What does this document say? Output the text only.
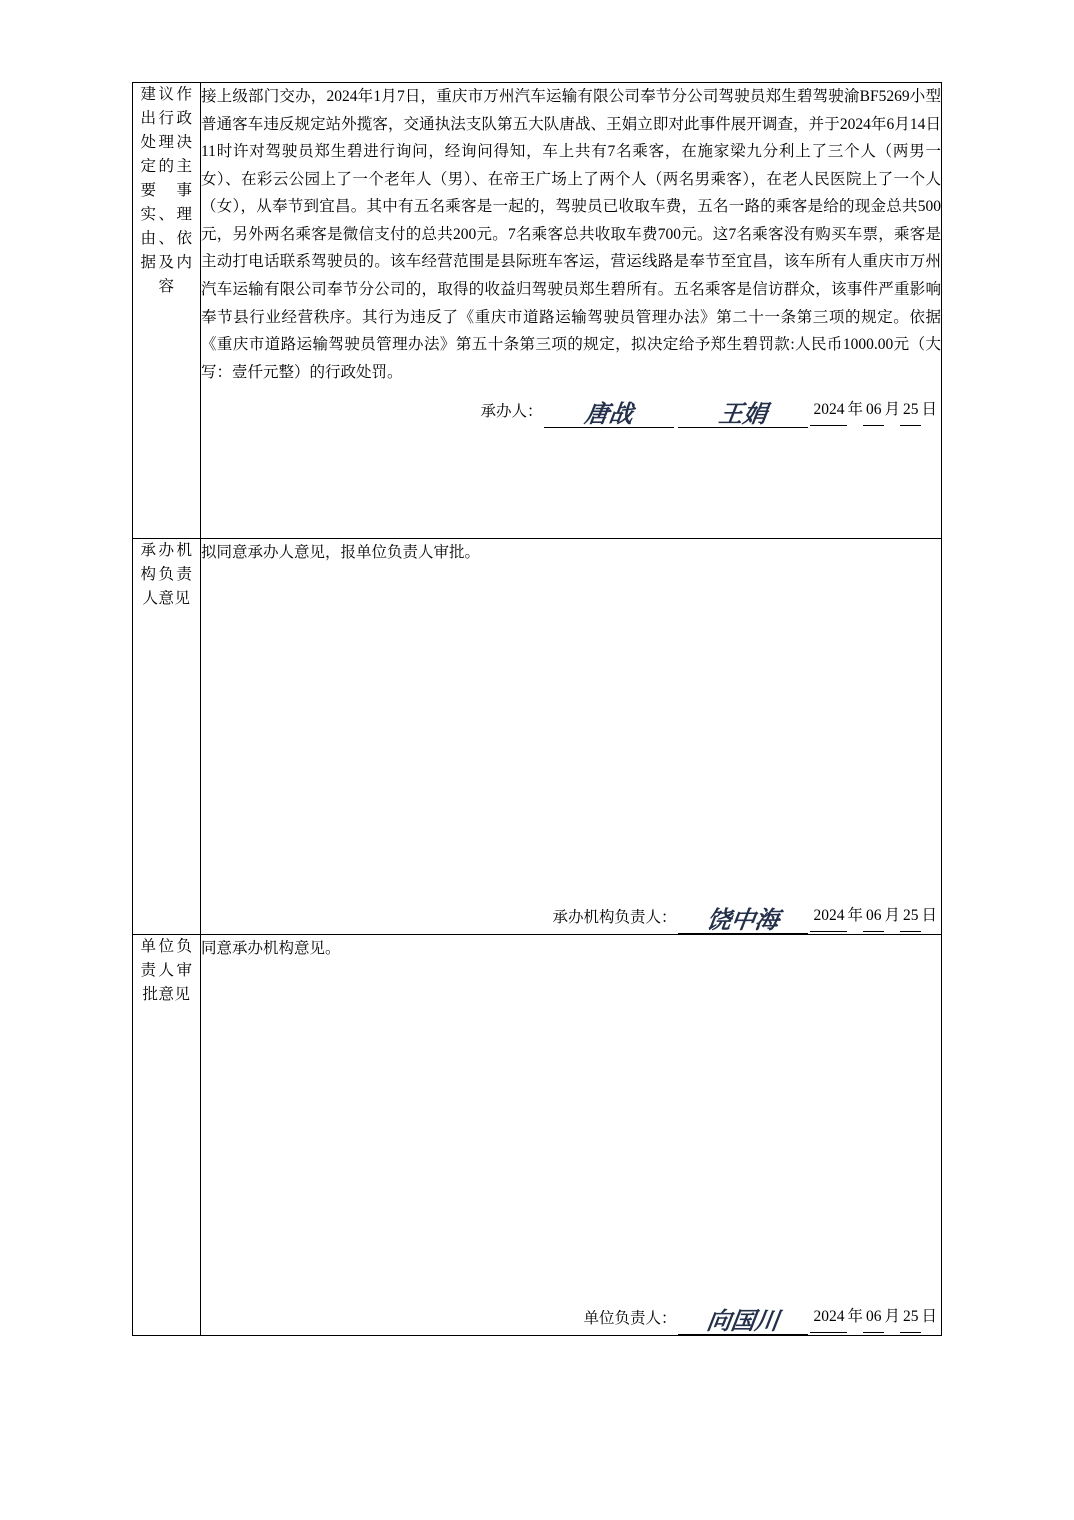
建议作出行政处理决定的主要事实、理由、依据及内容	接上级部门交办，2024年1月7日，重庆市万州汽车运输有限公司奉节分公司驾驶员郑生碧驾驶渝BF5269小型普通客车违反规定站外揽客，交通执法支队第五大队唐战、王娟立即对此事件展开调查，并于2024年6月14日11时许对驾驶员郑生碧进行询问，经询问得知，车上共有7名乘客，在施家梁九分利上了三个人（两男一女）、在彩云公园上了一个老年人（男）、在帝王广场上了两个人（两名男乘客），在老人民医院上了一个人（女），从奉节到宜昌。其中有五名乘客是一起的，驾驶员已收取车费，五名一路的乘客是给的现金总共500元，另外两名乘客是微信支付的总共200元。7名乘客总共收取车费700元。这7名乘客没有购买车票，乘客是主动打电话联系驾驶员的。该车经营范围是县际班车客运，营运线路是奉节至宜昌，该车所有人重庆市万州汽车运输有限公司奉节分公司的，取得的收益归驾驶员郑生碧所有。五名乘客是信访群众，该事件严重影响奉节县行业经营秩序。其行为违反了《重庆市道路运输驾驶员管理办法》第二十一条第三项的规定。依据《重庆市道路运输驾驶员管理办法》第五十条第三项的规定，拟决定给予郑生碧罚款:人民币1000.00元（大写：壹仟元整）的行政处罚。
承办人： 唐战 王娟 2024 年 06 月 25 日

承办机构负责人意见	拟同意承办人意见，报单位负责人审批。
承办机构负责人： 饶中海 2024 年 06 月 25 日

单位负责人审批意见	同意承办机构意见。
单位负责人： 向国川 2024 年 06 月 25 日
